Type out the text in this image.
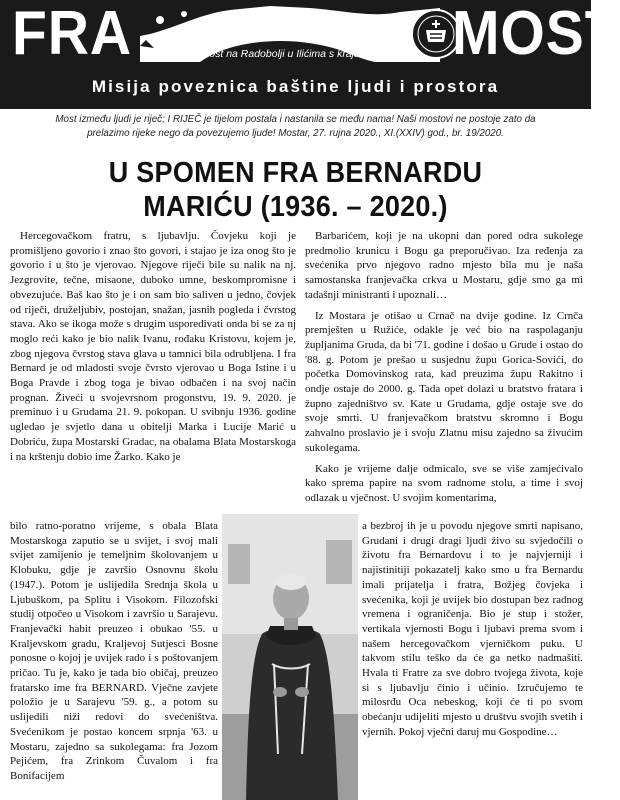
FRA	Kameni most na Radobolji u Ilićima s kraja 16. stoljeća MOST
Misija poveznica baštine ljudi i prostora
Most između ljudi je riječ; I RIJEČ je tijelom postala i nastanila se među nama! Naši mostovi ne postoje zato da prelazimo rijeke nego da povezujemo ljude! Mostar, 27. rujna 2020., XI.(XXIV) god., br. 19/2020.
U SPOMEN FRA BERNARDU MARIĆU (1936. – 2020.)

Hercegovačkom fratru, s ljubavlju. Čovjeku koji je promišljeno govorio i znao što govori, i stajao je iza onog što je govorio i u što je vjerovao. Njegove riječi bile su nalik na nj. Jezgrovite, tečne, misaone, duboko umne, beskompromisne i obvezujuće. Baš kao što je i on sam bio saliven u jedno, čovjek od riječi, druželjubiv, postojan, snažan, jasnih pogleda i čvrstog stava. Ako se ikoga može s drugim usporedivati onda bi se za nj moglo reći kako je bio nalik Ivanu, rođaku Kristovu, kojem je, zbog njegova čvrstog stava glava u tamnici bila odrubljena. I fra Bernard je od mladosti svoje čvrsto vjerovao u Boga Istine i u Boga Pravde i zbog toga je bivao odbačen i na svoj način prognan. Živeći u svojevrsnom progonstvu, 19. 9. 2020. je preminuo i u Grudama 21. 9. pokopan. U svibnju 1936. godine ugledao je svjetlo dana u obitelji Marka i Lucije Marić u Dobriću, župa Mostarski Gradac, na obalama Blata Mostarskoga i na krštenju dobio ime Žarko. Kako je

Barbarićem, koji je na ukopni dan pored odra sukolege predmolio krunicu i Bogu ga preporučivao. Iza ređenja za svećenika prvo njegovo radno mjesto bila mu je naša samostanska franjevačka crkva u Mostaru, gdje smo ga mi tadašnji ministranti i upoznali…

Iz Mostara je otišao u Crnač na dvije godine. Iz Crnča premješten u Ružiće, odakle je već bio na raspolaganju župljanima Gruda, da bi '71. godine i došao u Grude i ostao do '88. g. Potom je prešao u susjednu župu Gorica-Sovići, do početka Domovinskog rata, kad preuzima župu Rakitno i ondje ostaje do 2000. g. Tada opet dolazi u bratstvo fratara i župno zajedništvo sv. Kate u Grudama, gdje ostaje sve do svoje smrti. U franjevačkom bratstvu skromno i Bogu zahvalno proslavio je i svoju Zlatnu misu zajedno sa živućim sukolegama.

Kako je vrijeme dalje odmicalo, sve se više zamjećivalo kako sprema papire na svom radnome stolu, a time i svoj odlazak u vječnost. U svojim komentarima,

bilo ratno-poratno vrijeme, s obala Blata Mostarskoga zaputio se u svijet, i svoj mali svijet zamijenio je temeljnim školovanjem u Klobuku, gdje je završio Osnovnu školu (1947.). Potom je uslijedila Srednja škola u Ljubuškom, pa Splitu i Visokom. Filozofski studij otpočeo u Visokom i završio u Sarajevu. Franjevački habit preuzeo i obukao '55. u Kraljevskom gradu, Kraljevoj Sutjesci Bosne ponosne o kojoj je uvijek rado i s poštovanjem pričao. Tu je, kako je tada bio običaj, preuzeo fratarsko ime fra BERNARD. Vječne zavjete položio je u Sarajevu '59. g., a potom su uslijedili niži redovi do svećeništva. Svećenikom je postao koncem srpnja '63. u Mostaru, zajedno sa sukolegama: fra Jozom Pejićem, fra Zrinkom Čuvalom i fra Bonifacijem

a bezbroj ih je u povodu njegove smrti napisano, Grudani i drugi dragi ljudi živo su svjedočili o životu fra Bernardovu i to je najvjerniji i najistinitiji pokazatelj kako smo u fra Bernardu imali prijatelja i fratra, Božjeg čovjeka i svećenika, koji je uvijek bio dostupan bez radnog vremena i ograničenja. Bio je stup i stožer, vertikala vjernosti Bogu i ljubavi prema svom i našem hercegovačkom vjerničkom puku. U takvom stilu teško da će ga netko nadmašiti. Hvala ti Fratre za sve dobro tvojega života, koje si s ljubavlju činio i učinio. Izručujemo te milosrđu Oca nebeskog, koji će ti po svom obećanju udijeliti mjesto u društvu svojih svetih i vjernih. Pokoj vječni daruj mu Gospodine…
